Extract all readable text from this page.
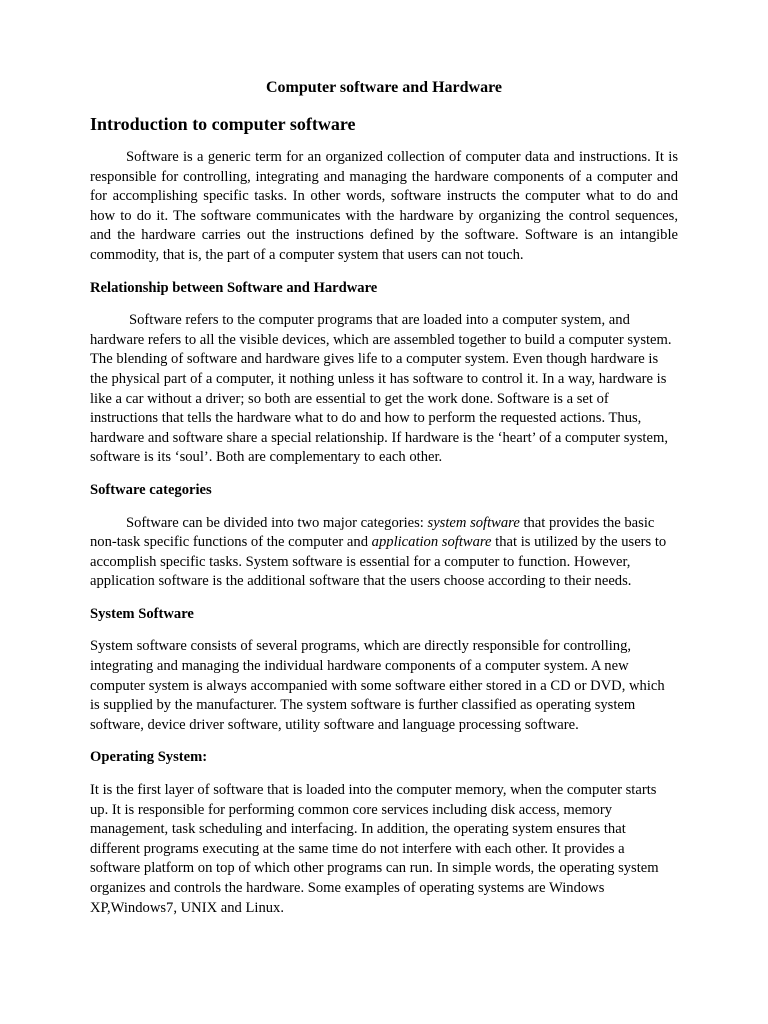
Computer software and Hardware
Introduction to computer software

Software is a generic term for an organized collection of computer data and instructions. It is responsible for controlling, integrating and managing the hardware components of a computer and for accomplishing specific tasks. In other words, software instructs the computer what to do and how to do it. The software communicates with the hardware by organizing the control sequences, and the hardware carries out the instructions defined by the software. Software is an intangible commodity, that is, the part of a computer system that users can not touch.

Relationship between Software and Hardware

Software refers to the computer programs that are loaded into a computer system, and hardware refers to all the visible devices, which are assembled together to build a computer system. The blending of software and hardware gives life to a computer system. Even though hardware is the physical part of a computer, it nothing unless it has software to control it. In a way, hardware is like a car without a driver; so both are essential to get the work done. Software is a set of instructions that tells the hardware what to do and how to perform the requested actions. Thus, hardware and software share a special relationship. If hardware is the ‘heart’ of a computer system, software is its ‘soul’. Both are complementary to each other.

Software categories

Software can be divided into two major categories: system software that provides the basic non-task specific functions of the computer and application software that is utilized by the users to accomplish specific tasks. System software is essential for a computer to function. However, application software is the additional software that the users choose according to their needs.

System Software

System software consists of several programs, which are directly responsible for controlling, integrating and managing the individual hardware components of a computer system. A new computer system is always accompanied with some software either stored in a CD or DVD, which is supplied by the manufacturer. The system software is further classified as operating system software, device driver software, utility software and language processing software.

Operating System:

It is the first layer of software that is loaded into the computer memory, when the computer starts up. It is responsible for performing common core services including disk access, memory management, task scheduling and interfacing. In addition, the operating system ensures that different programs executing at the same time do not interfere with each other. It provides a software platform on top of which other programs can run. In simple words, the operating system organizes and controls the hardware. Some examples of operating systems are Windows XP,Windows7, UNIX and Linux.
